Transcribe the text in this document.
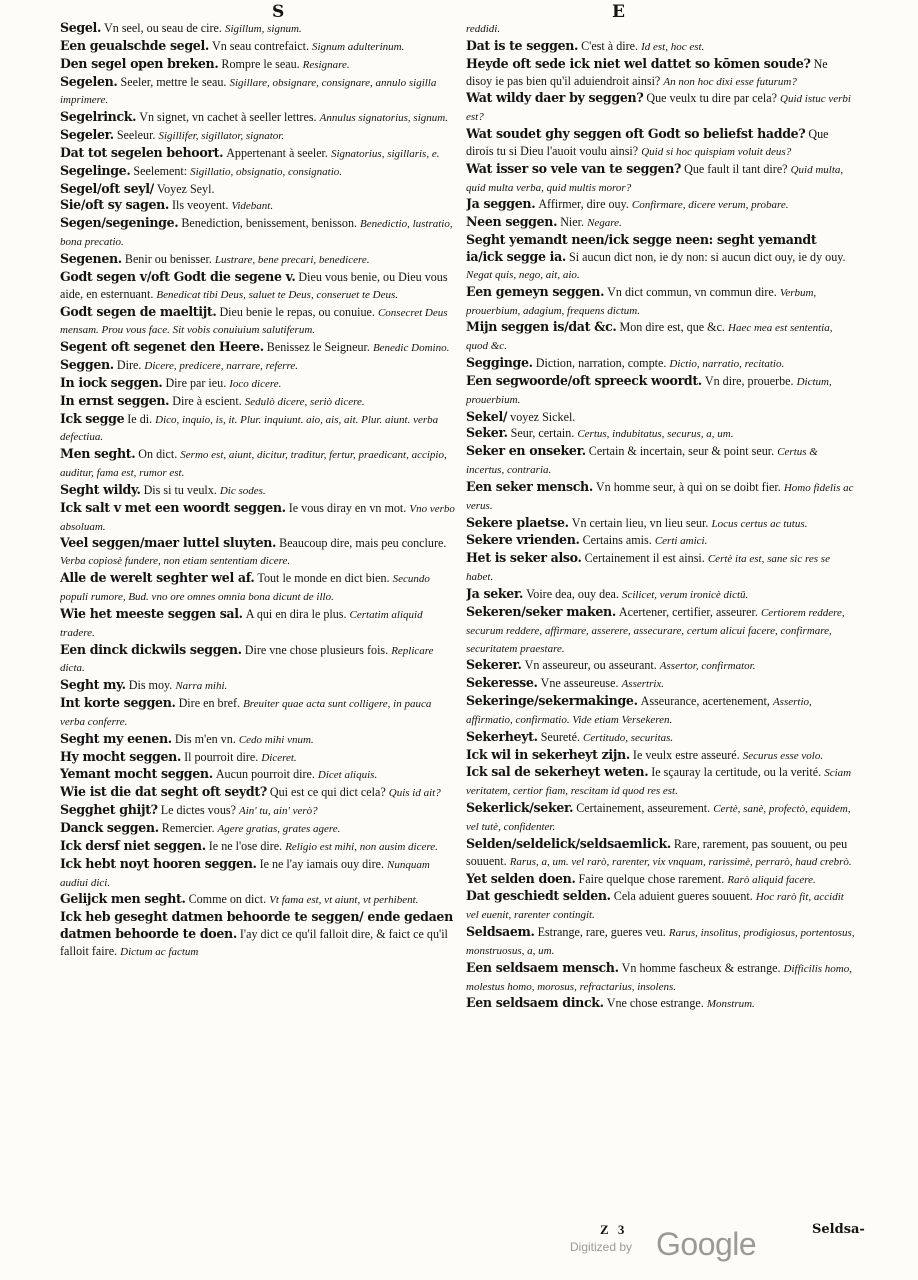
S	E
Segel. Vn seel, ou seau de cire. Sigillum, signum.
Een geualschde segel. Vn seau contrefaict. Signum adulterinum.
Den segel open breken. Rompre le seau. Resignare.
Segelen. Seeler, mettre le seau. Sigillare, obsignare, consignare, annulo sigilla imprimere.
Segelrinck. Vn signet, vn cachet à seeller lettres. Annulus signatorius, signum.
Segeler. Seeleur. Sigillifer, sigillator, signator.
Dat tot segelen behoort. Appertenant à seeler. Signatorius, sigillaris, e.
Segelinge. Seelement: Sigillatio, obsignatio, consignatio.
Segel/oft seyl/ Voyez Seyl.
Sie/oft sy sagen. Ils veoyent. Videbant.
Segen/segeninge. Benediction, benissement, benisson. Benedictio, lustratio, bona precatio.
Segenen. Benir ou benisser. Lustrare, bene precari, benedicere.
Godt segen v/oft Godt die segene v. Dieu vous benie, ou Dieu vous aide, en esternuant. Benedicat tibi Deus, saluet te Deus, conseruet te Deus.
Godt segen de maeltijt. Dieu benie le repas, ou conuiue. Consecret Deus mensam. Prou vous face. Sit vobis conuiuium salutiferum.
Segent oft segenet den Heere. Benissez le Seigneur. Benedic Domino.
Seggen. Dire. Dicere, predicere, narrare, referre.
In iock seggen. Dire par ieu. Ioco dicere.
In ernst seggen. Dire à escient. Sedulò dicere, seriò dicere.
Ick segge Ie di. Dico, inquio, is, it. Plur. inquiunt. aio, ais, ait. Plur. aiunt. verba defectiua.
Men seght. On dict. Sermo est, aiunt, dicitur, traditur, fertur, praedicant, accipio, auditur, fama est, rumor est.
Seght wildy. Dis si tu veulx. Dic sodes.
Ick salt v met een woordt seggen. Ie vous diray en vn mot. Vno verbo absoluam.
Veel seggen/maer luttel sluyten. Beaucoup dire, mais peu conclure. Verba copiosè fundere, non etiam sententiam dicere.
Alle de werelt seghter wel af. Tout le monde en dict bien. Secundo populi rumore, Bud. vno ore omnes omnia bona dicunt de illo.
Wie het meeste seggen sal. A qui en dira le plus. Certatim aliquid tradere.
Een dinck dickwils seggen. Dire vne chose plusieurs fois. Replicare dicta.
Seght my. Dis moy. Narra mihi.
Int korte seggen. Dire en bref. Breuiter quae acta sunt colligere, in pauca verba conferre.
Seght my eenen. Dis m'en vn. Cedo mihi vnum.
Hy mocht seggen. Il pourroit dire. Diceret.
Yemant mocht seggen. Aucun pourroit dire. Dicet aliquis.
Wie ist die dat seght oft seydt? Qui est ce qui dict cela? Quis id ait?
Segghet ghijt? Le dictes vous? Ain' tu, ain' verò?
Danck seggen. Remercier. Agere gratias, grates agere.
Ick dersf niet seggen. Ie ne l'ose dire. Religio est mihi, non ausim dicere.
Ick hebt noyt hooren seggen. Ie ne l'ay iamais ouy dire. Nunquam audiui dici.
Gelijck men seght. Comme on dict. Vt fama est, vt aiunt, vt perhibent.
Ick heb geseght datmen behoorde te seggen/ ende gedaen datmen behoorde te doen. I'ay dict ce qu'il falloit dire, & faict ce qu'il falloit faire. Dictum ac factum
reddidi.
Dat is te seggen. C'est à dire. Id est, hoc est.
Heyde oft sede ick niet wel dattet so kōmen soude? Ne disoy ie pas bien qu'il aduiendroit ainsi? An non hoc dixi esse futurum?
Wat wildy daer by seggen? Que veulx tu dire par cela? Quid istuc verbi est?
Wat soudet ghy seggen oft Godt so beliefst hadde? Que dirois tu si Dieu l'auoit voulu ainsi? Quid si hoc quispiam voluit deus?
Wat isser so vele van te seggen? Que fault il tant dire? Quid multa, quid multa verba, quid multis moror?
Ja seggen. Affirmer, dire ouy. Confirmare, dicere verum, probare.
Neen seggen. Nier. Negare.
Seght yemandt neen/ick segge neen: seght yemandt ia/ick segge ia. Si aucun dict non, ie dy non: si aucun dict ouy, ie dy ouy. Negat quis, nego, ait, aio.
Een gemeyn seggen. Vn dict commun, vn commun dire. Verbum, prouerbium, adagium, frequens dictum.
Mijn seggen is/dat &c. Mon dire est, que &c. Haec mea est sententia, quod &c.
Segginge. Diction, narration, compte. Dictio, narratio, recitatio.
Een segwoorde/oft spreeck woordt. Vn dire, prouerbe. Dictum, prouerbium.
Sekel/ voyez Sickel.
Seker. Seur, certain. Certus, indubitatus, securus, a, um.
Seker en onseker. Certain & incertain, seur & point seur. Certus & incertus, contraria.
Een seker mensch. Vn homme seur, à qui on se doibt fier. Homo fidelis ac verus.
Sekere plaetse. Vn certain lieu, vn lieu seur. Locus certus ac tutus.
Sekere vrienden. Certains amis. Certi amici.
Het is seker also. Certainement il est ainsi. Certè ita est, sane sic res se habet.
Ja seker. Voire dea, ouy dea. Scilicet, verum ironicè dictū.
Sekeren/seker maken. Acertener, certifier, asseurer. Certiorem reddere, securum reddere, affirmare, asserere, assecurare, certum alicui facere, confirmare, securitatem praestare.
Sekerer. Vn asseureur, ou asseurant. Assertor, confirmator.
Sekeresse. Vne asseureuse. Assertrix.
Sekeringe/sekermakinge. Asseurance, acertenement, Assertio, affirmatio, confirmatio. Vide etiam Versekeren.
Sekerheyt. Seureté. Certitudo, securitas.
Ick wil in sekerheyt zijn. Ie veulx estre asseuré. Securus esse volo.
Ick sal de sekerheyt weten. Ie sçauray la certitude, ou la verité. Sciam veritatem, certior fiam, rescitam id quod res est.
Sekerlick/seker. Certainement, asseurement. Certè, sanè, profectò, equidem, vel tutè, confidenter.
Selden/seldelick/seldsaemlick. Rare, rarement, pas souuent, ou peu souuent. Rarus, a, um. vel rarò, rarenter, vix vnquam, rarissimè, perrarò, haud crebrò.
Yet selden doen. Faire quelque chose rarement. Rarò aliquid facere.
Dat geschiedt selden. Cela aduient gueres souuent. Hoc rarò fit, accidit vel euenit, rarenter contingit.
Seldsaem. Estrange, rare, gueres veu. Rarus, insolitus, prodigiosus, portentosus, monstruosus, a, um.
Een seldsaem mensch. Vn homme fascheux & estrange. Difficilis homo, molestus homo, morosus, refractarius, insolens.
Een seldsaem dinck. Vne chose estrange. Monstrum.
Z 3	Seldsa-
Digitized by Google
